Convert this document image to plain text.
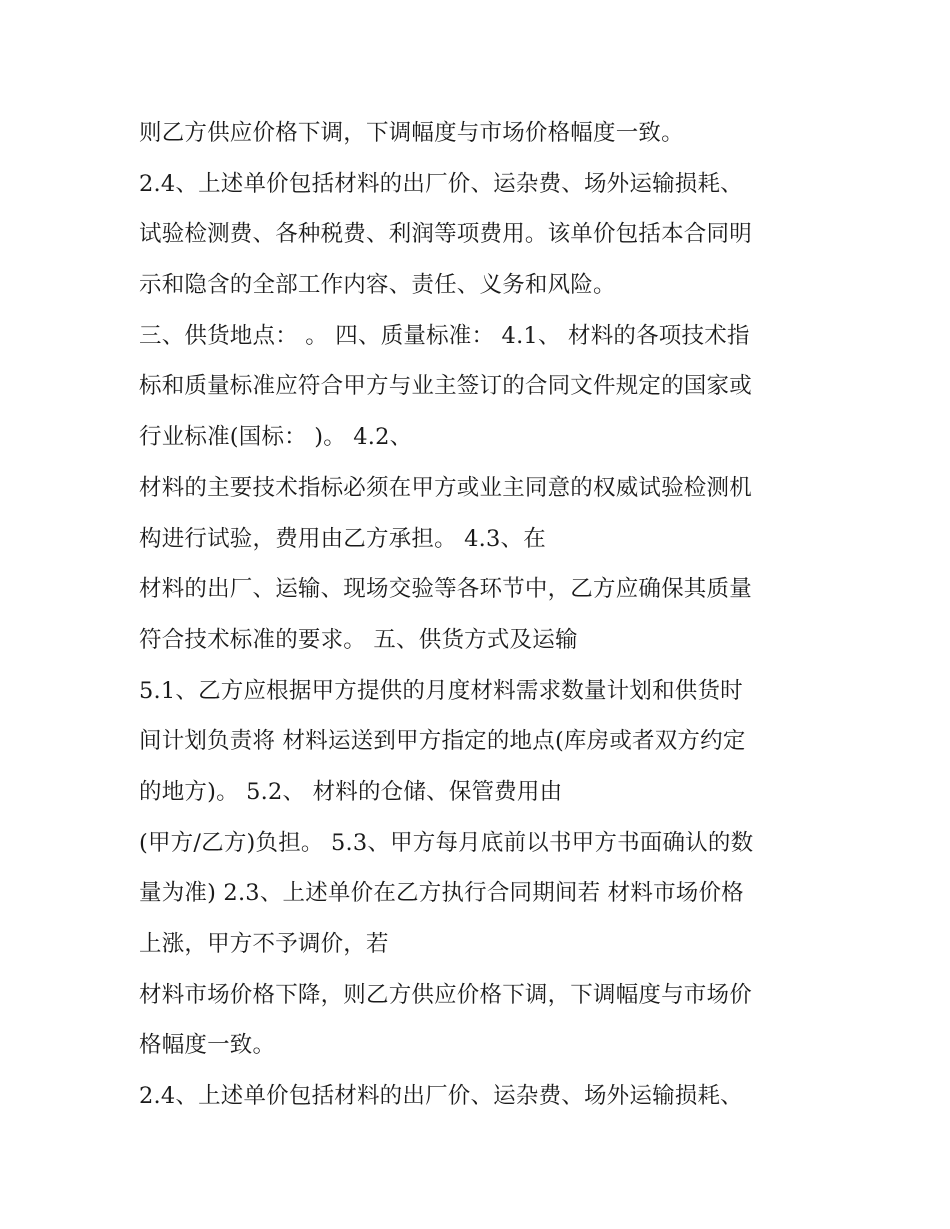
则乙方供应价格下调，下调幅度与市场价格幅度一致。
2.4、上述单价包括材料的出厂价、运杂费、场外运输损耗、
试验检测费、各种税费、利润等项费用。该单价包括本合同明
示和隐含的全部工作内容、责任、义务和风险。
三、供货地点： 。 四、质量标准： 4.1、 材料的各项技术指
标和质量标准应符合甲方与业主签订的合同文件规定的国家或
行业标准(国标： )。 4.2、
材料的主要技术指标必须在甲方或业主同意的权威试验检测机
构进行试验，费用由乙方承担。 4.3、在
材料的出厂、运输、现场交验等各环节中，乙方应确保其质量
符合技术标准的要求。 五、供货方式及运输
5.1、乙方应根据甲方提供的月度材料需求数量计划和供货时
间计划负责将 材料运送到甲方指定的地点(库房或者双方约定
的地方)。 5.2、 材料的仓储、保管费用由
(甲方/乙方)负担。 5.3、甲方每月底前以书甲方书面确认的数
量为准) 2.3、上述单价在乙方执行合同期间若 材料市场价格
上涨，甲方不予调价，若
材料市场价格下降，则乙方供应价格下调，下调幅度与市场价
格幅度一致。
2.4、上述单价包括材料的出厂价、运杂费、场外运输损耗、
